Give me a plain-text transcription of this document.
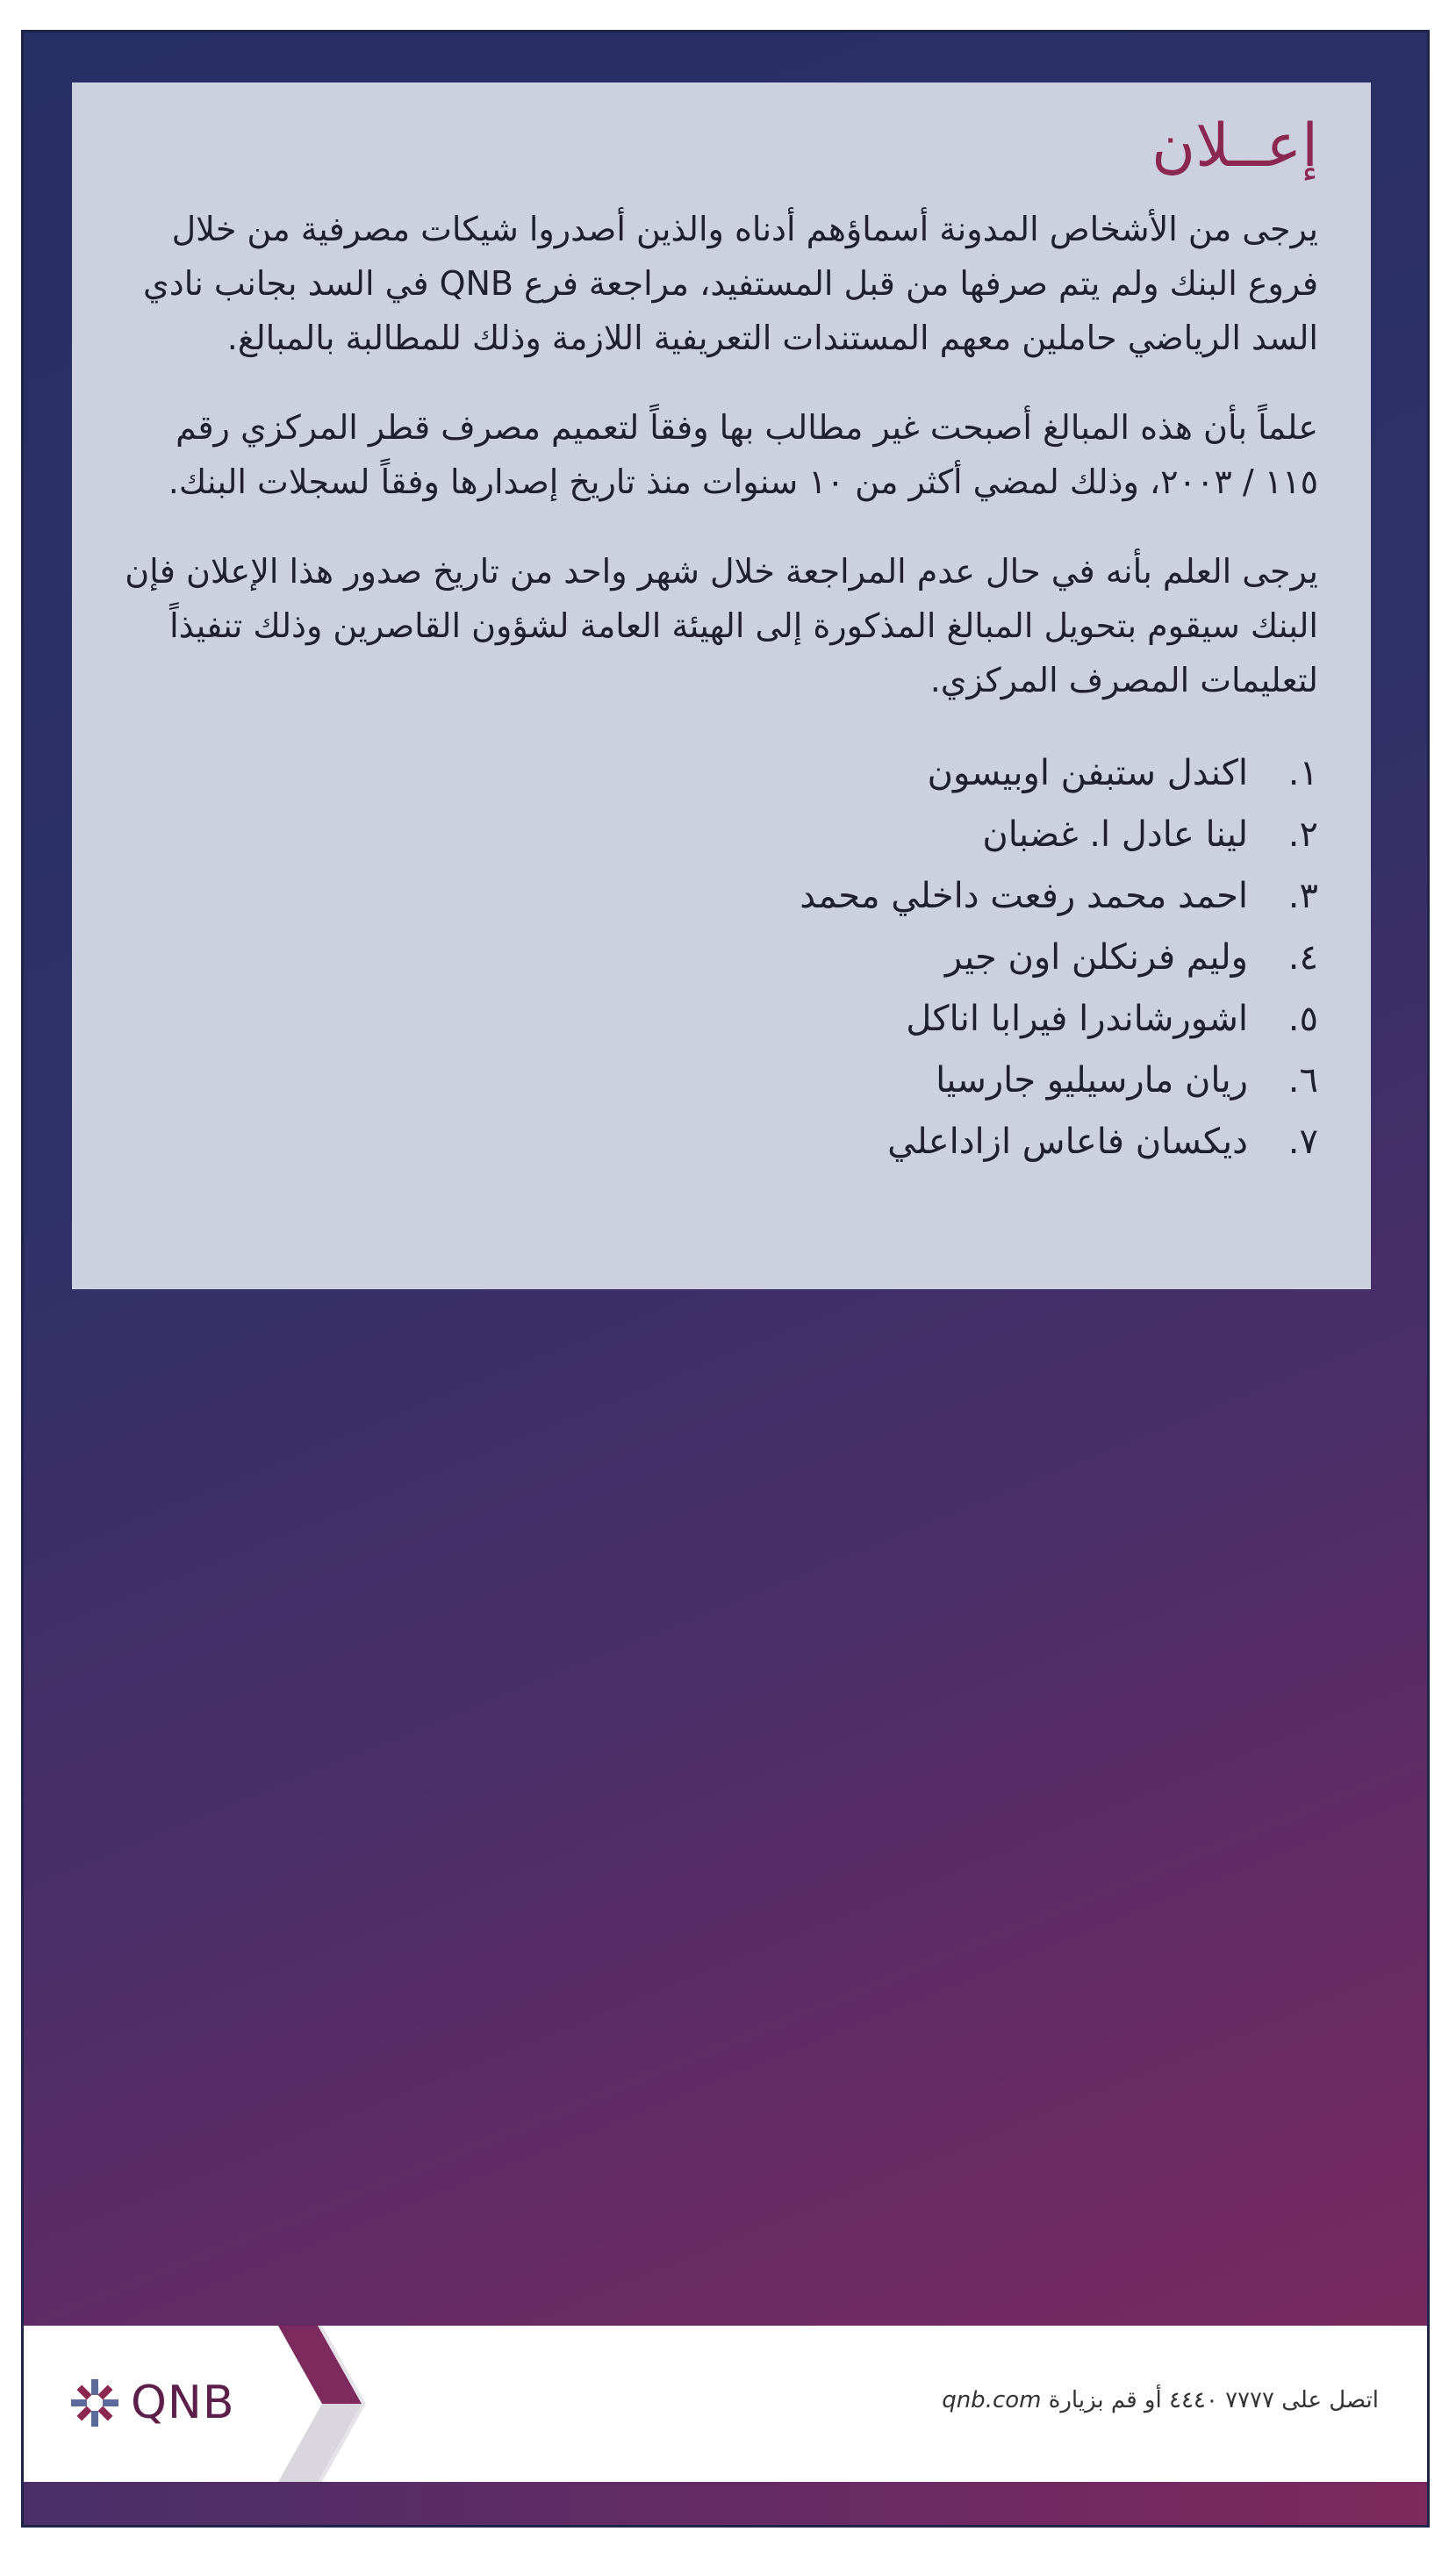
إعــلان

يرجى من الأشخاص المدونة أسماؤهم أدناه والذين أصدروا شيكات مصرفية من خلال فروع البنك ولم يتم صرفها من قبل المستفيد، مراجعة فرع QNB في السد بجانب نادي السد الرياضي حاملين معهم المستندات التعريفية اللازمة وذلك للمطالبة بالمبالغ.

علماً بأن هذه المبالغ أصبحت غير مطالب بها وفقاً لتعميم مصرف قطر المركزي رقم ١١٥ / ٢٠٠٣، وذلك لمضي أكثر من ١٠ سنوات منذ تاريخ إصدارها وفقاً لسجلات البنك.

يرجى العلم بأنه في حال عدم المراجعة خلال شهر واحد من تاريخ صدور هذا الإعلان فإن البنك سيقوم بتحويل المبالغ المذكورة إلى الهيئة العامة لشؤون القاصرين وذلك تنفيذاً لتعليمات المصرف المركزي.

١.
اكندل ستبفن اوبيسون
٢.
لينا عادل ا. غضبان
٣.
احمد محمد رفعت داخلي محمد
٤.
وليم فرنكلن اون جير
٥.
اشورشاندرا فيرابا اناكل
٦.
ريان مارسيليو جارسيا
٧.
ديكسان فاعاس ازاداعلي
QNB	اتصل على ٧٧٧٧ ٤٤٤٠ أو قم بزيارة qnb.com
